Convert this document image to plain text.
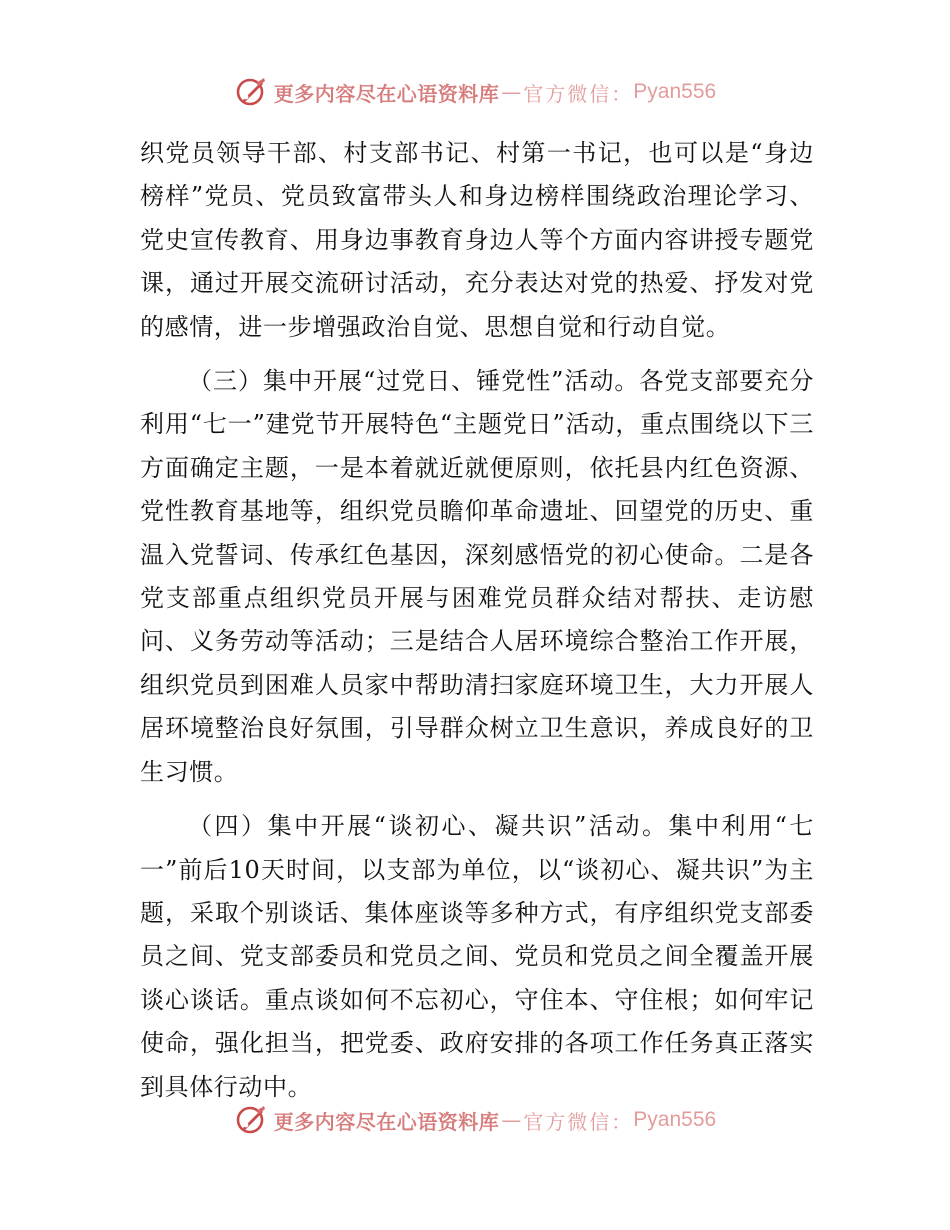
更多内容尽在心语资料库 — 官方微信： Pyan556

织党员领导干部、村支部书记、村第一书记，也可以是“身边榜样”党员、党员致富带头人和身边榜样围绕政治理论学习、党史宣传教育、用身边事教育身边人等个方面内容讲授专题党课，通过开展交流研讨活动，充分表达对党的热爱、抒发对党的感情，进一步增强政治自觉、思想自觉和行动自觉。

（三）集中开展“过党日、锤党性”活动。各党支部要充分利用“七一”建党节开展特色“主题党日”活动，重点围绕以下三方面确定主题，一是本着就近就便原则，依托县内红色资源、党性教育基地等，组织党员瞻仰革命遗址、回望党的历史、重温入党誓词、传承红色基因，深刻感悟党的初心使命。二是各党支部重点组织党员开展与困难党员群众结对帮扶、走访慰问、义务劳动等活动；三是结合人居环境综合整治工作开展，组织党员到困难人员家中帮助清扫家庭环境卫生，大力开展人居环境整治良好氛围，引导群众树立卫生意识，养成良好的卫生习惯。

（四）集中开展“谈初心、凝共识”活动。集中利用“七一”前后10天时间，以支部为单位，以“谈初心、凝共识”为主题，采取个别谈话、集体座谈等多种方式，有序组织党支部委员之间、党支部委员和党员之间、党员和党员之间全覆盖开展谈心谈话。重点谈如何不忘初心，守住本、守住根；如何牢记使命，强化担当，把党委、政府安排的各项工作任务真正落实到具体行动中。

更多内容尽在心语资料库 — 官方微信： Pyan556
